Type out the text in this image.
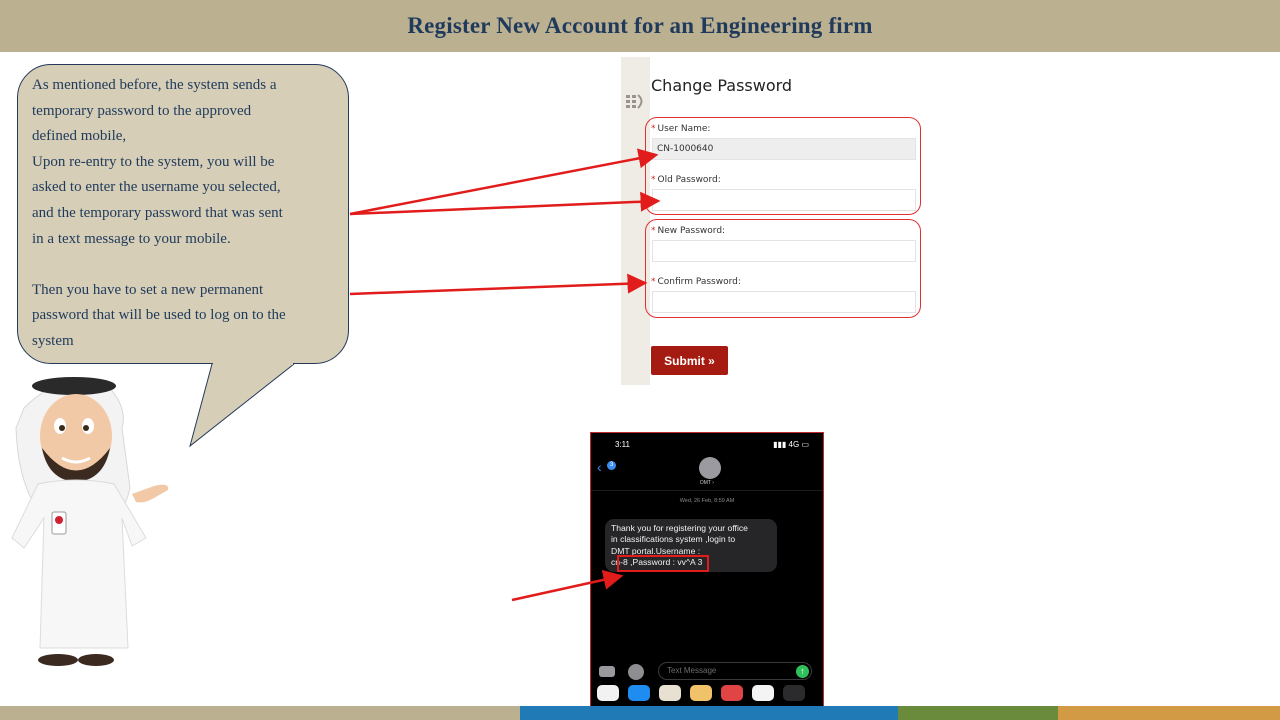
Register New Account for an Engineering firm
As mentioned before, the system sends a
temporary password to the approved
defined mobile,
Upon re-entry to the system, you will be
asked to enter the username you selected,
and the temporary password that was sent
in a text message to your mobile.

Then you have to set a new permanent
password that will be used to log on to the
system
Change Password
* User Name:
CN-1000640
* Old Password:
* New Password:
* Confirm Password:
Submit »
3:11	▮▮▮ 4G ▭
‹	3
DMT ›
Wed, 26 Feb, 8:59 AM
Thank you for registering your office
in classifications system ,login to
DMT portal.Username :
cn-8 ,Password : vv^A 3
Text Message	↑
